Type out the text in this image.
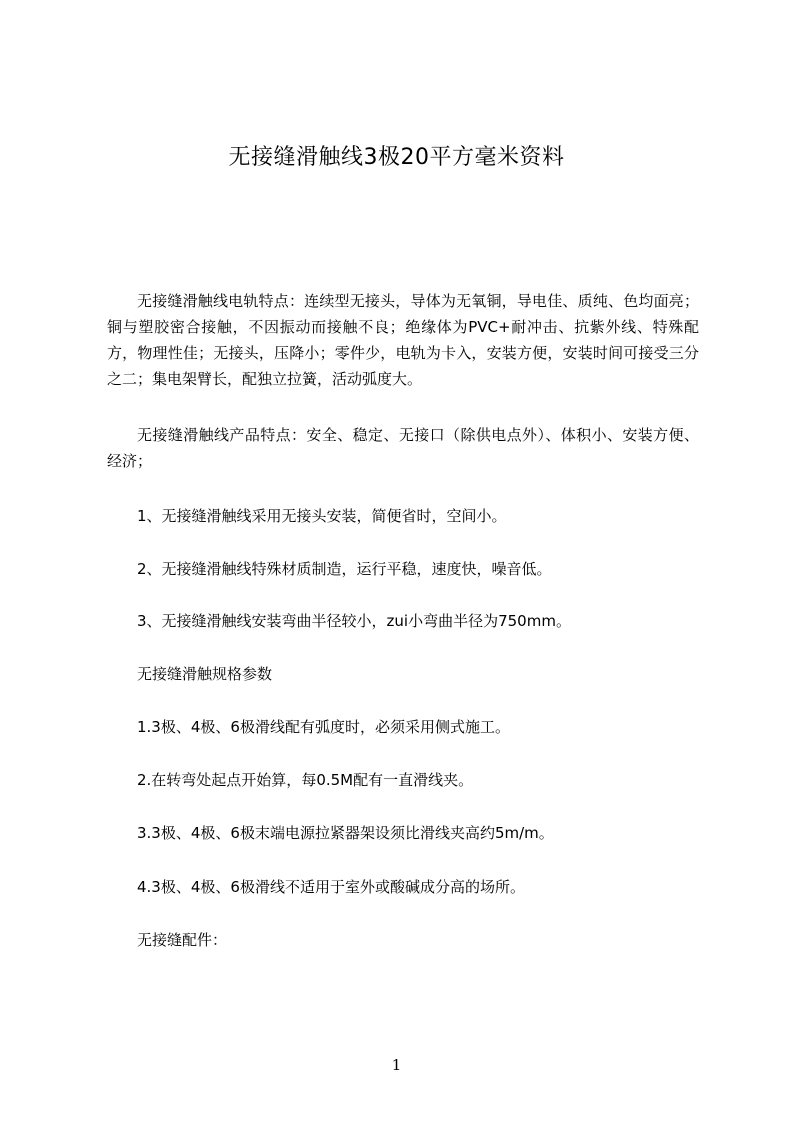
无接缝滑触线3极20平方毫米资料

无接缝滑触线电轨特点：连续型无接头，导体为无氧铜，导电佳、质纯、色均面亮；铜与塑胶密合接触，不因振动而接触不良；绝缘体为PVC+耐冲击、抗紫外线、特殊配方，物理性佳；无接头，压降小；零件少，电轨为卡入，安装方便，安装时间可接受三分之二；集电架臂长，配独立拉簧，活动弧度大。

无接缝滑触线产品特点：安全、稳定、无接口（除供电点外）、体积小、安装方便、经济；

1、无接缝滑触线采用无接头安装，简便省时，空间小。
2、无接缝滑触线特殊材质制造，运行平稳，速度快，噪音低。
3、无接缝滑触线安装弯曲半径较小，zui小弯曲半径为750mm。
无接缝滑触规格参数
1.3极、4极、6极滑线配有弧度时，必须采用侧式施工。
2.在转弯处起点开始算，每0.5M配有一直滑线夹。
3.3极、4极、6极末端电源拉紧器架设须比滑线夹高约5m/m。
4.3极、4极、6极滑线不适用于室外或酸碱成分高的场所。
无接缝配件：
1
